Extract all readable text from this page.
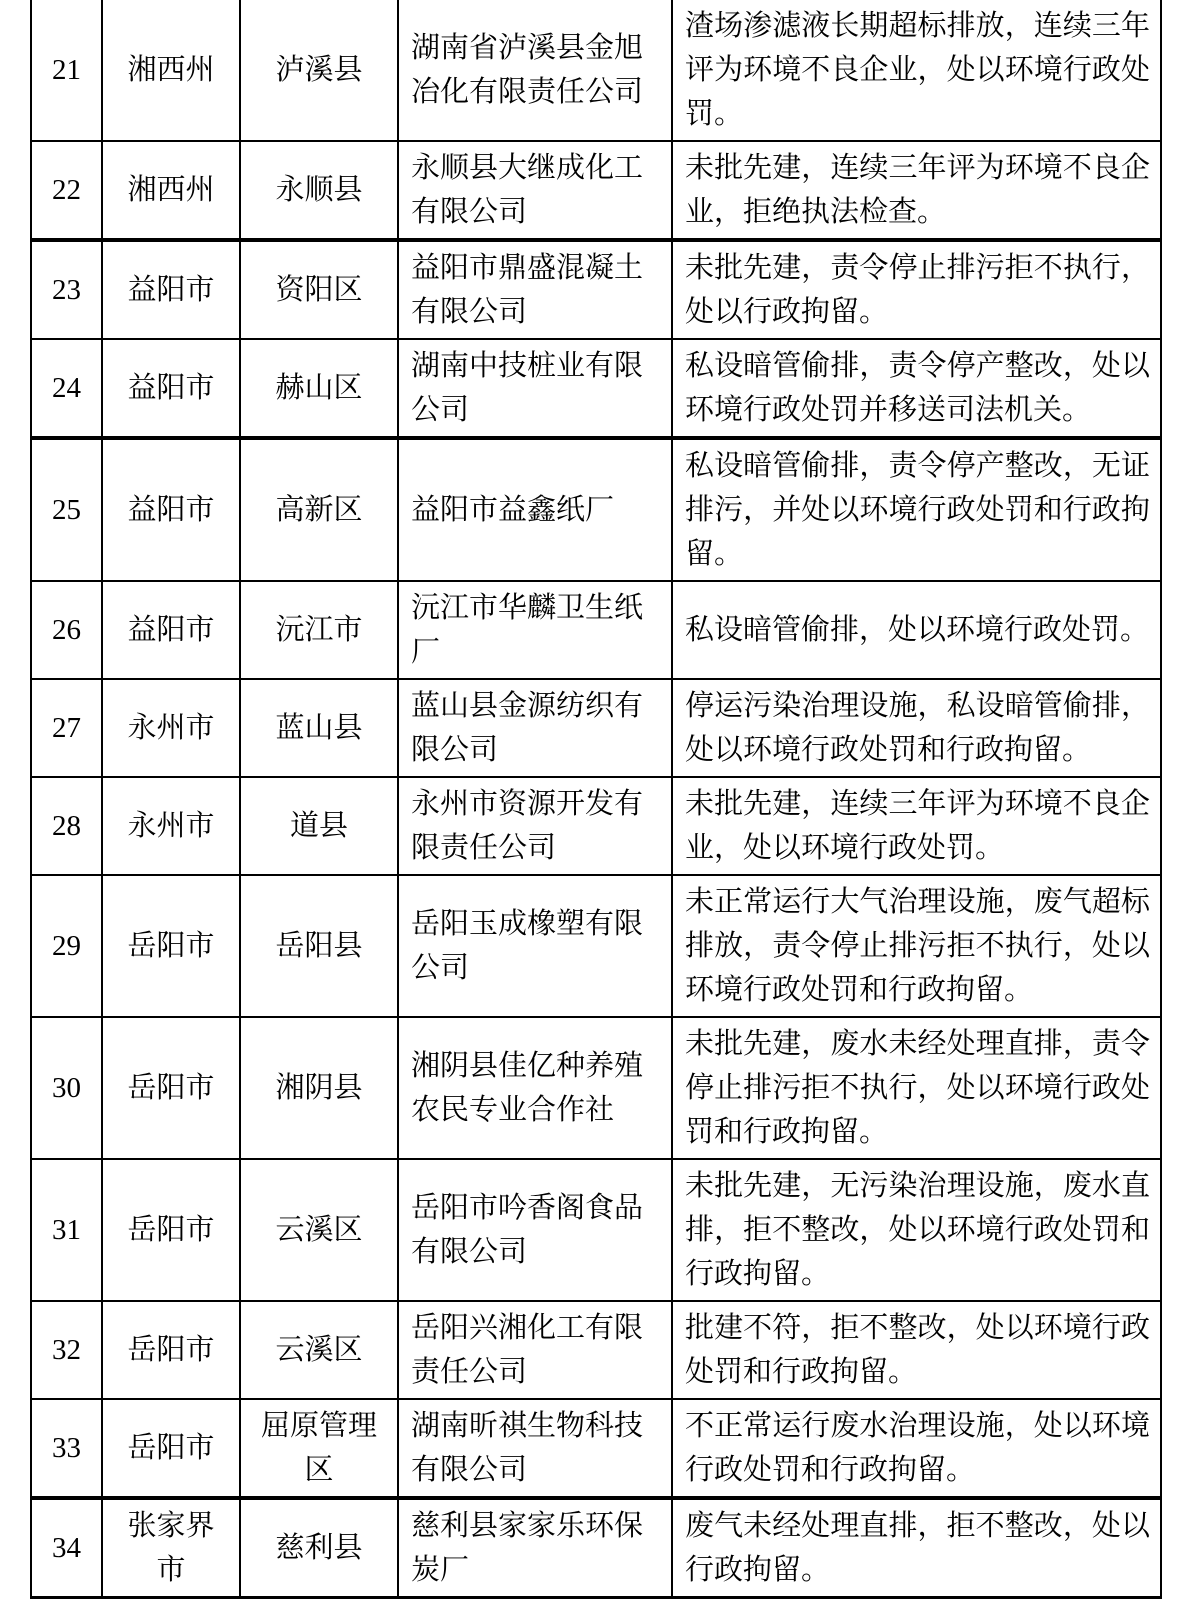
21	湘西州	泸溪县	湖南省泸溪县金旭冶化有限责任公司	渣场渗滤液长期超标排放，连续三年评为环境不良企业，处以环境行政处罚。
22	湘西州	永顺县	永顺县大继成化工有限公司	未批先建，连续三年评为环境不良企业，拒绝执法检查。
23	益阳市	资阳区	益阳市鼎盛混凝土有限公司	未批先建，责令停止排污拒不执行，处以行政拘留。
24	益阳市	赫山区	湖南中技桩业有限公司	私设暗管偷排，责令停产整改，处以环境行政处罚并移送司法机关。
25	益阳市	高新区	益阳市益鑫纸厂	私设暗管偷排，责令停产整改，无证排污，并处以环境行政处罚和行政拘留。
26	益阳市	沅江市	沅江市华麟卫生纸厂	私设暗管偷排，处以环境行政处罚。
27	永州市	蓝山县	蓝山县金源纺织有限公司	停运污染治理设施，私设暗管偷排，处以环境行政处罚和行政拘留。
28	永州市	道县	永州市资源开发有限责任公司	未批先建，连续三年评为环境不良企业，处以环境行政处罚。
29	岳阳市	岳阳县	岳阳玉成橡塑有限公司	未正常运行大气治理设施，废气超标排放，责令停止排污拒不执行，处以环境行政处罚和行政拘留。
30	岳阳市	湘阴县	湘阴县佳亿种养殖农民专业合作社	未批先建，废水未经处理直排，责令停止排污拒不执行，处以环境行政处罚和行政拘留。
31	岳阳市	云溪区	岳阳市吟香阁食品有限公司	未批先建，无污染治理设施，废水直排，拒不整改，处以环境行政处罚和行政拘留。
32	岳阳市	云溪区	岳阳兴湘化工有限责任公司	批建不符，拒不整改，处以环境行政处罚和行政拘留。
33	岳阳市	屈原管理区	湖南昕祺生物科技有限公司	不正常运行废水治理设施，处以环境行政处罚和行政拘留。
34	张家界市	慈利县	慈利县家家乐环保炭厂	废气未经处理直排，拒不整改，处以行政拘留。
